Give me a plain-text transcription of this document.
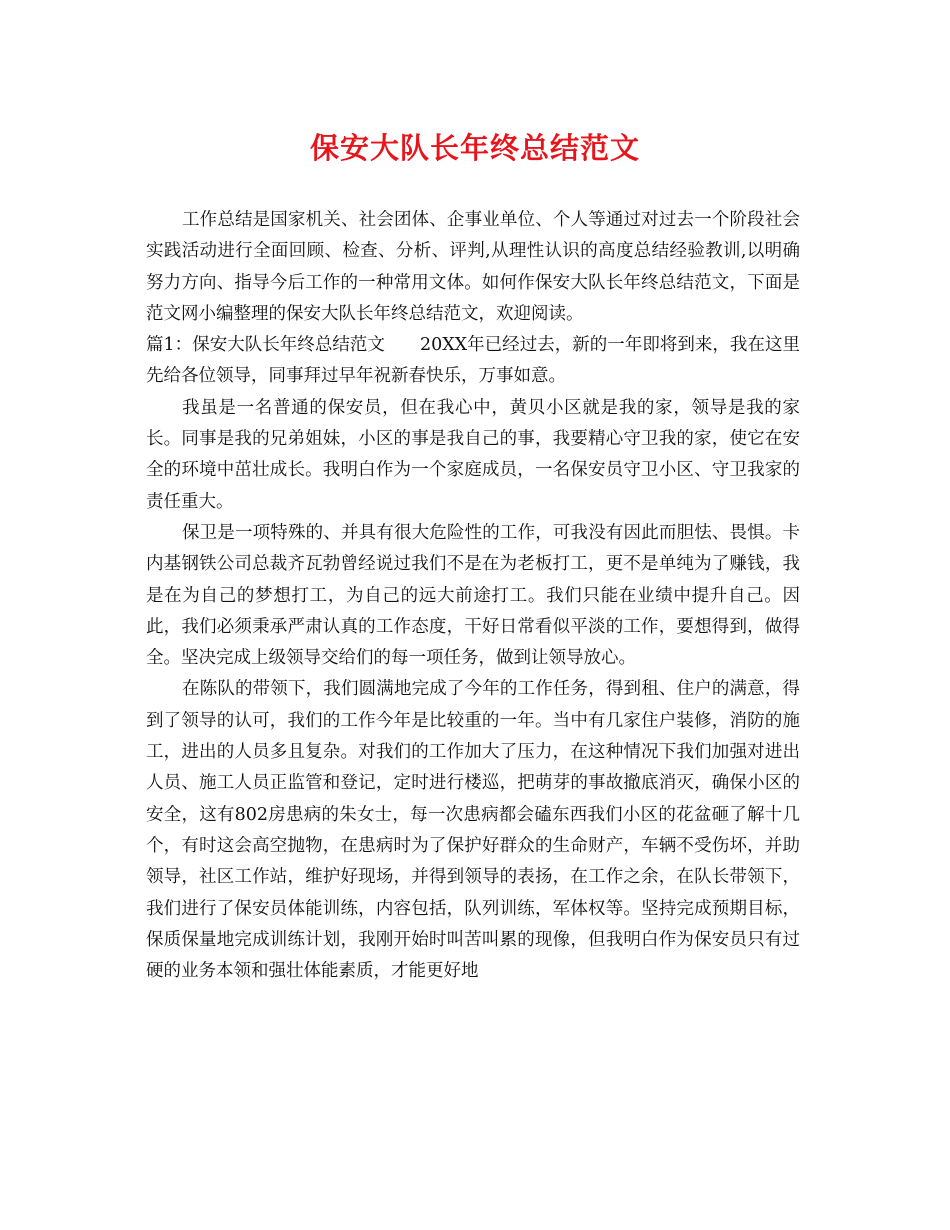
保安大队长年终总结范文

工作总结是国家机关、社会团体、企事业单位、个人等通过对过去一个阶段社会实践活动进行全面回顾、检查、分析、评判,从理性认识的高度总结经验教训,以明确努力方向、指导今后工作的一种常用文体。如何作保安大队长年终总结范文，下面是范文网小编整理的保安大队长年终总结范文，欢迎阅读。

篇1：保安大队长年终总结范文　　20XX年已经过去，新的一年即将到来，我在这里先给各位领导，同事拜过早年祝新春快乐，万事如意。

我虽是一名普通的保安员，但在我心中，黄贝小区就是我的家，领导是我的家长。同事是我的兄弟姐妹，小区的事是我自己的事，我要精心守卫我的家，使它在安全的环境中茁壮成长。我明白作为一个家庭成员，一名保安员守卫小区、守卫我家的责任重大。

保卫是一项特殊的、并具有很大危险性的工作，可我没有因此而胆怯、畏惧。卡内基钢铁公司总裁齐瓦勃曾经说过我们不是在为老板打工，更不是单纯为了赚钱，我是在为自己的梦想打工，为自己的远大前途打工。我们只能在业绩中提升自己。因此，我们必须秉承严肃认真的工作态度，干好日常看似平淡的工作，要想得到，做得全。坚决完成上级领导交给们的每一项任务，做到让领导放心。

在陈队的带领下，我们圆满地完成了今年的工作任务，得到租、住户的满意，得到了领导的认可，我们的工作今年是比较重的一年。当中有几家住户装修，消防的施工，进出的人员多且复杂。对我们的工作加大了压力，在这种情况下我们加强对进出人员、施工人员正监管和登记，定时进行楼巡，把萌芽的事故撤底消灭，确保小区的安全，这有802房患病的朱女士，每一次患病都会磕东西我们小区的花盆砸了解十几个，有时这会高空抛物，在患病时为了保护好群众的生命财产，车辆不受伤坏，并助领导，社区工作站，维护好现场，并得到领导的表扬，在工作之余，在队长带领下，我们进行了保安员体能训练，内容包括，队列训练，军体权等。坚持完成预期目标，保质保量地完成训练计划，我刚开始时叫苦叫累的现像，但我明白作为保安员只有过硬的业务本领和强壮体能素质，才能更好地
